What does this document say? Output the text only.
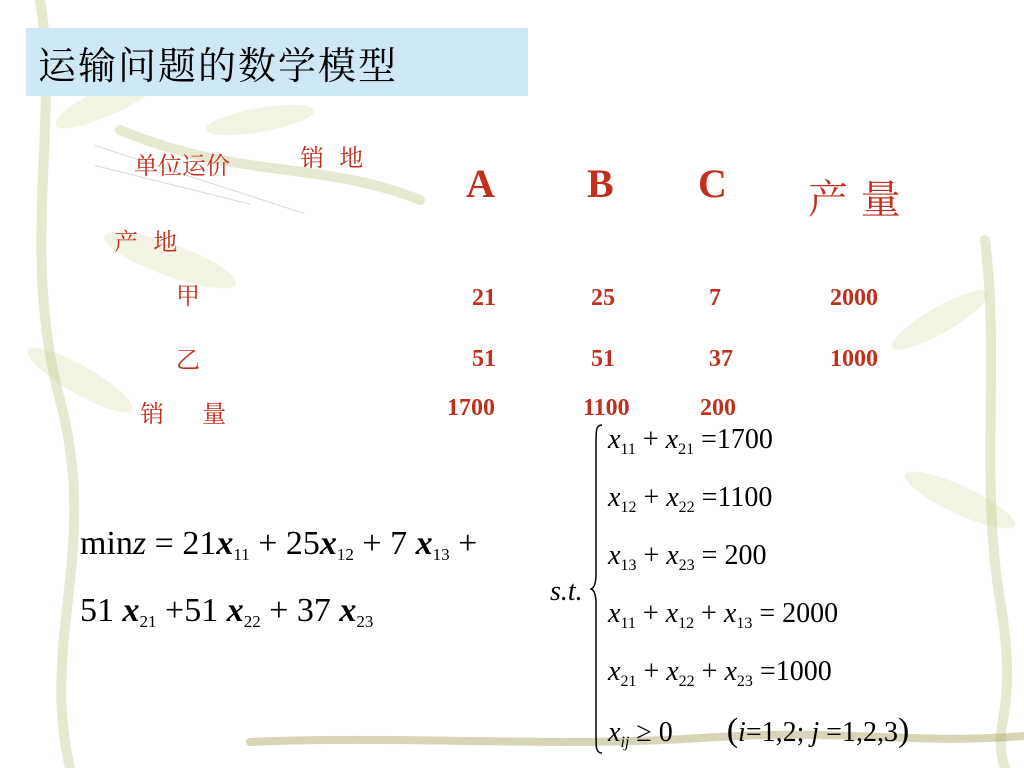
运输问题的数学模型
单位运价	销  地
产  地
A B C 产 量
甲	21	25	7	2000
乙	51	51	37	1000
销     量	1700	1100	200
$\min z = 21x_{11} + 25x_{12} + 7$ $x_{13}$ +
51 $x_{21} +51$ $x_{22} + 37$ $x_{23}$
s.t.
$x_{11} + x_{21} =1700$
$x_{12} + x_{22} =1100$
$x_{13} + x_{23} = 200$
$x_{11} + x_{12} + x_{13} = 2000$
$x_{21} + x_{22} + x_{23} =1000$
$x_{ij} \ge 0$ (i=1,2; j =1,2,3)
